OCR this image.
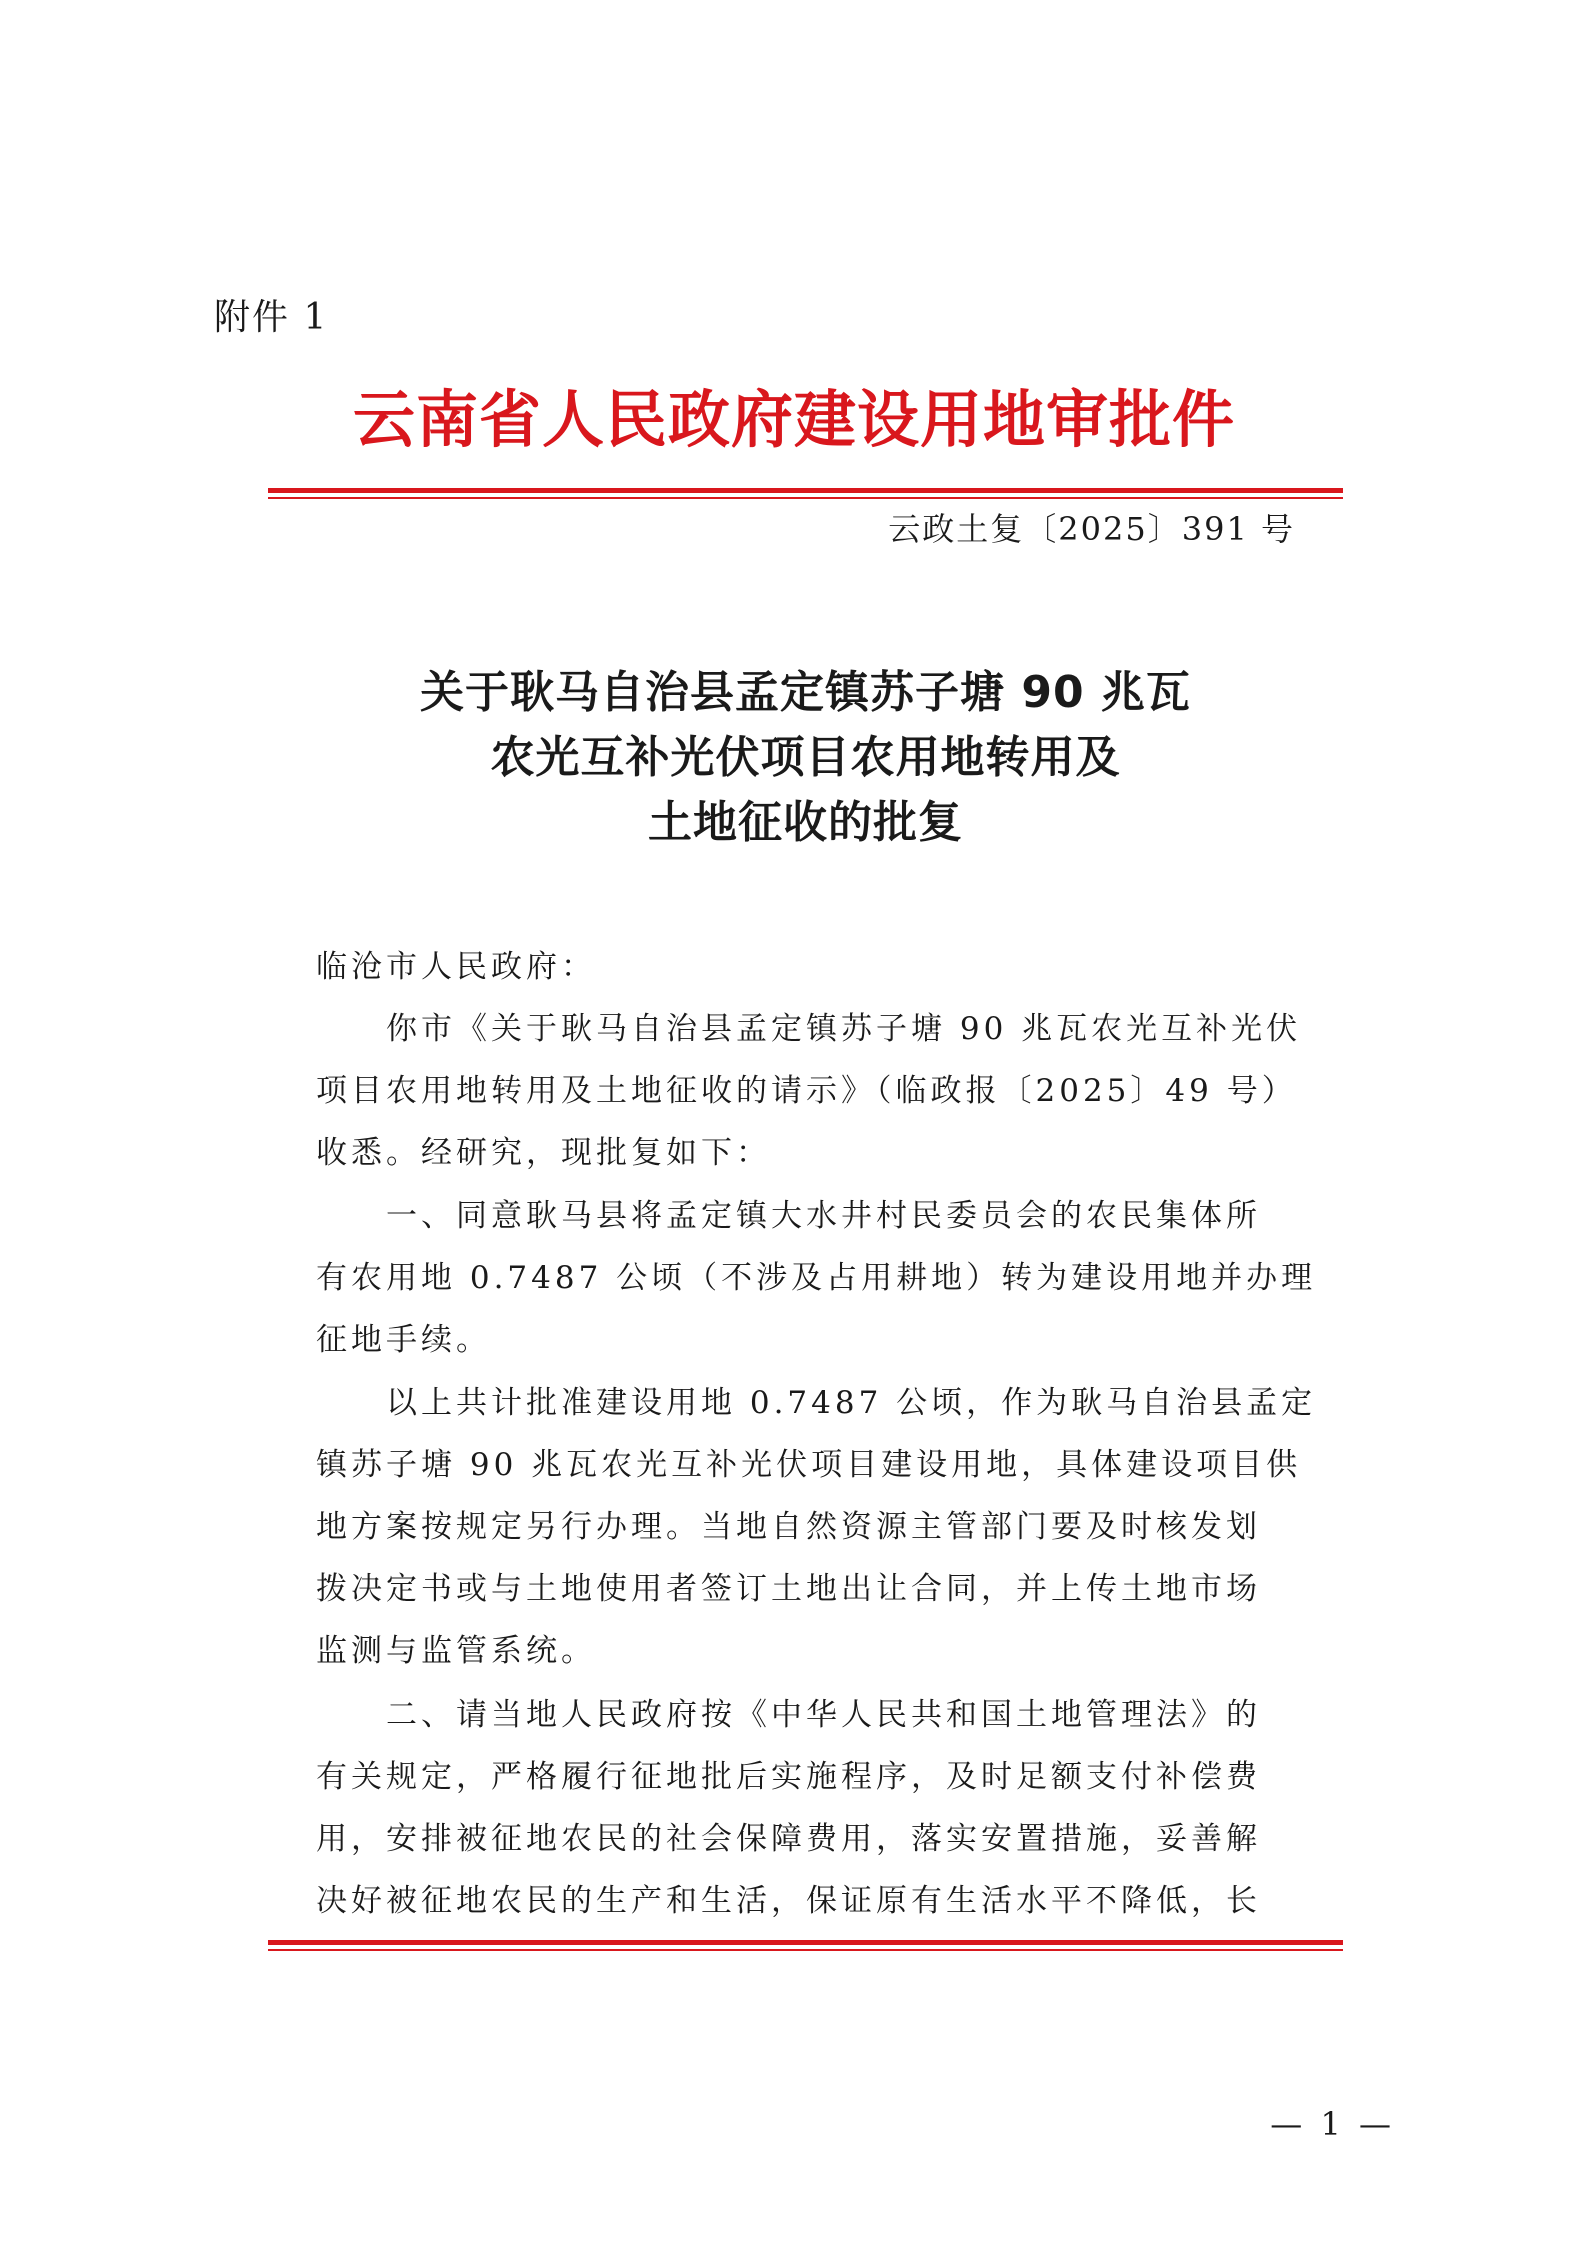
附件 1
云南省人民政府建设用地审批件
云政土复〔2025〕391 号
关于耿马自治县孟定镇苏子塘 90 兆瓦
农光互补光伏项目农用地转用及
土地征收的批复
临沧市人民政府：
　　你市《关于耿马自治县孟定镇苏子塘 90 兆瓦农光互补光伏
项目农用地转用及土地征收的请示》（临政报〔2025〕49 号）
收悉。经研究，现批复如下：
　　一、同意耿马县将孟定镇大水井村民委员会的农民集体所
有农用地 0.7487 公顷（不涉及占用耕地）转为建设用地并办理
征地手续。
　　以上共计批准建设用地 0.7487 公顷，作为耿马自治县孟定
镇苏子塘 90 兆瓦农光互补光伏项目建设用地，具体建设项目供
地方案按规定另行办理。当地自然资源主管部门要及时核发划
拨决定书或与土地使用者签订土地出让合同，并上传土地市场
监测与监管系统。
　　二、请当地人民政府按《中华人民共和国土地管理法》的
有关规定，严格履行征地批后实施程序，及时足额支付补偿费
用，安排被征地农民的社会保障费用，落实安置措施，妥善解
决好被征地农民的生产和生活，保证原有生活水平不降低，长
— 1 —
